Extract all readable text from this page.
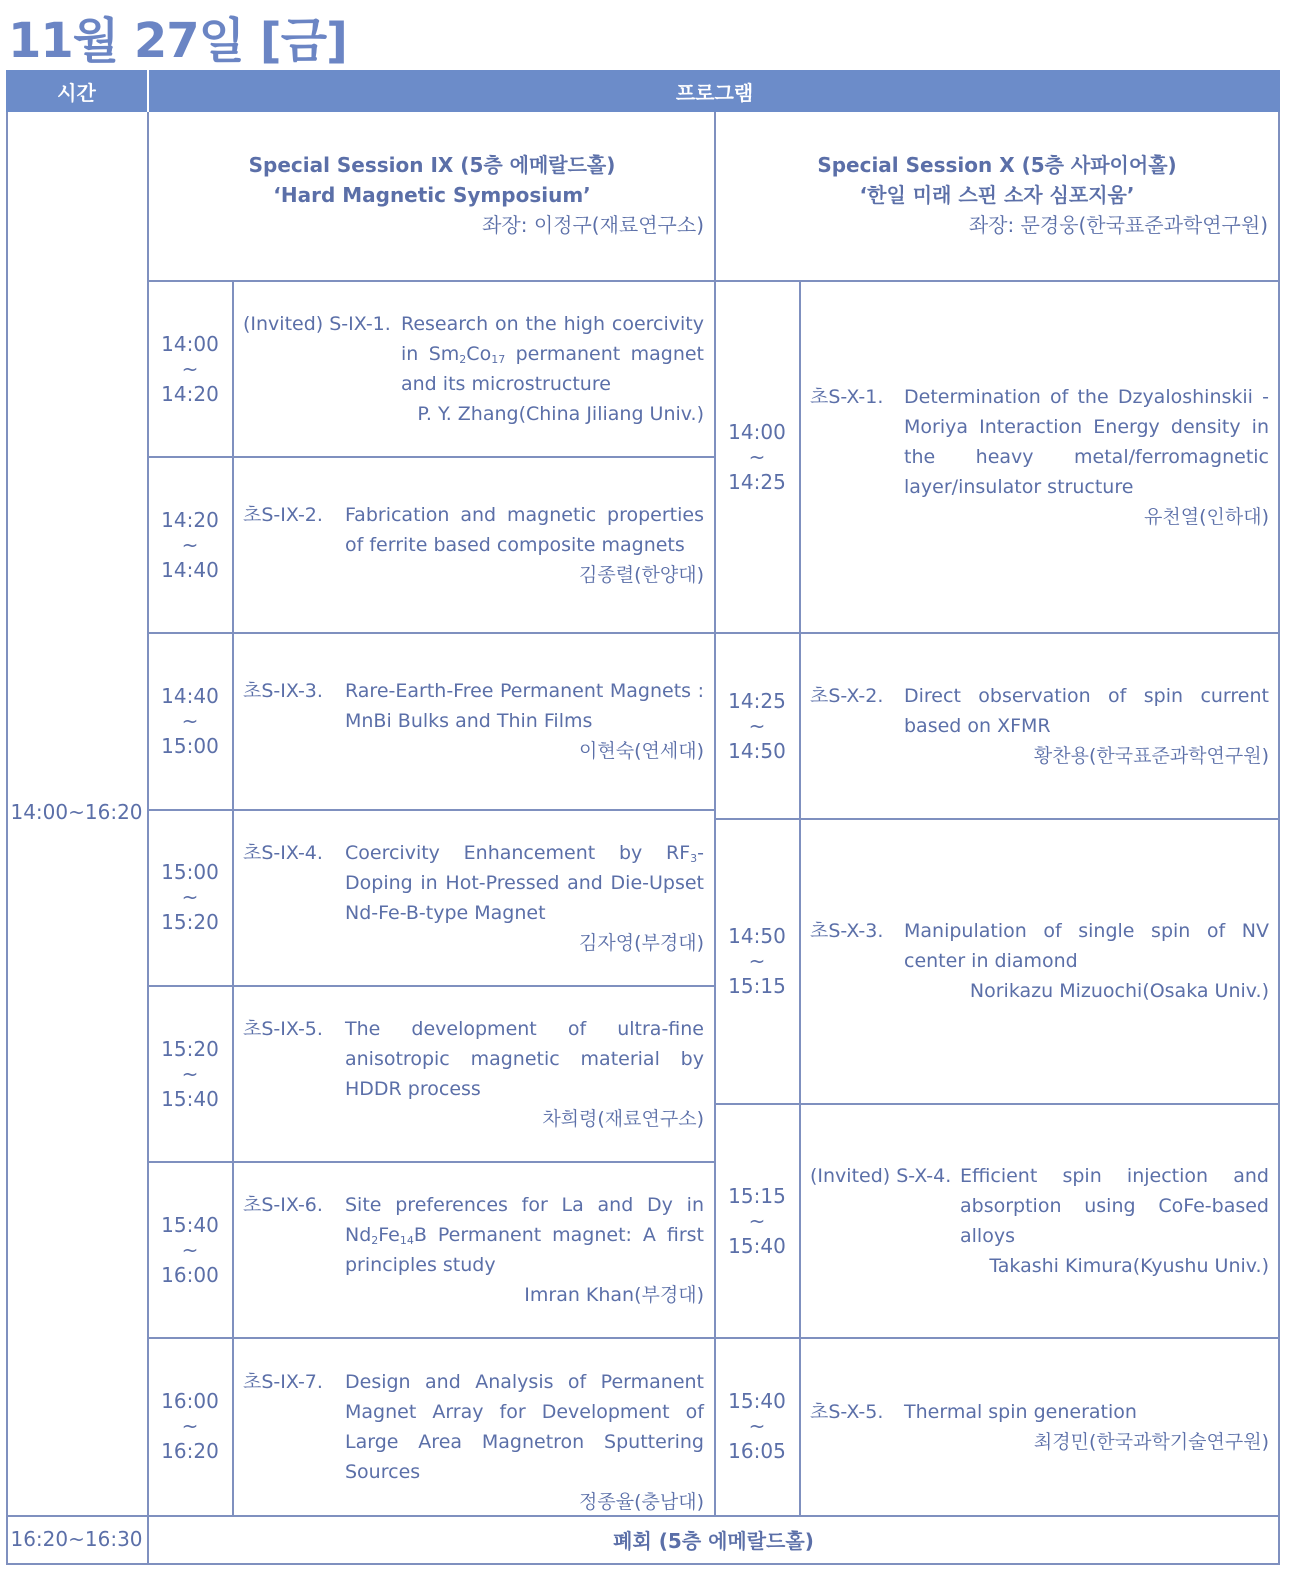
11월 27일 [금]
시간	프로그램
14:00~16:20
Special Session IX (5층 에메랄드홀)
‘Hard Magnetic Symposium’
좌장: 이정구(재료연구소)
Special Session X (5층 사파이어홀)
‘한일 미래 스핀 소자 심포지움’
좌장: 문경웅(한국표준과학연구원)
14:00
~
14:20
(Invited) S-IX-1. Research on the high coercivity in $Sm_2Co_{17}$ permanent magnet and its microstructure
P. Y. Zhang(China Jiliang Univ.)
14:20
~
14:40
초S-IX-2. Fabrication and magnetic properties of ferrite based composite magnets
김종렬(한양대)
14:40
~
15:00
초S-IX-3. Rare-Earth-Free Permanent Magnets : MnBi Bulks and Thin Films
이현숙(연세대)
15:00
~
15:20
초S-IX-4. Coercivity Enhancement by $RF_3$-Doping in Hot-Pressed and Die-Upset Nd-Fe-B-type Magnet
김자영(부경대)
15:20
~
15:40
초S-IX-5. The development of ultra-fine anisotropic magnetic material by HDDR process
차희령(재료연구소)
15:40
~
16:00
초S-IX-6. Site preferences for La and Dy in $Nd_2Fe_{14}B$ Permanent magnet: A first principles study
Imran Khan(부경대)
16:00
~
16:20
초S-IX-7. Design and Analysis of Permanent Magnet Array for Development of Large Area Magnetron Sputtering Sources
정종율(충남대)
14:00
~
14:25
초S-X-1. Determination of the Dzyaloshinskii -Moriya Interaction Energy density in the heavy metal/ferromagnetic layer/insulator structure
유천열(인하대)
14:25
~
14:50
초S-X-2. Direct observation of spin current based on XFMR
황찬용(한국표준과학연구원)
14:50
~
15:15
초S-X-3. Manipulation of single spin of NV center in diamond
Norikazu Mizuochi(Osaka Univ.)
15:15
~
15:40
(Invited) S-X-4. Efficient spin injection and absorption using CoFe-based alloys
Takashi Kimura(Kyushu Univ.)
15:40
~
16:05
초S-X-5. Thermal spin generation
최경민(한국과학기술연구원)
16:20~16:30	폐회 (5층 에메랄드홀)
